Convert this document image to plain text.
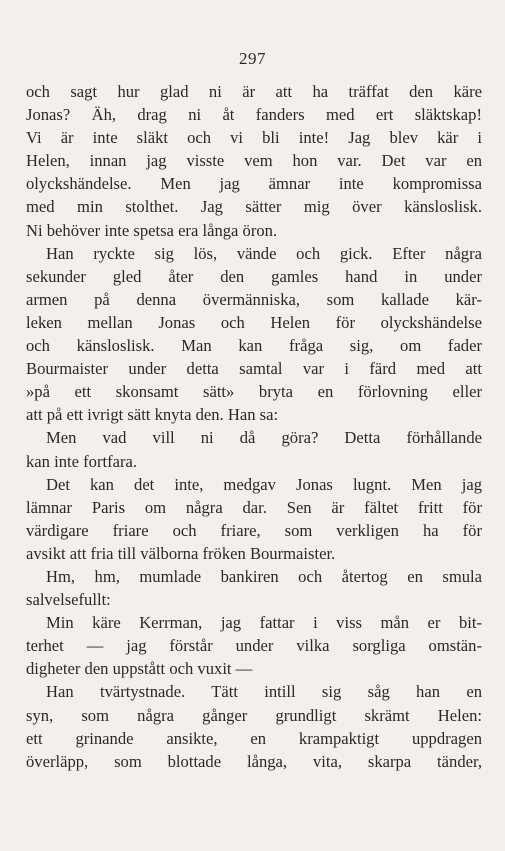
297
och sagt hur glad ni är att ha träffat den käre
Jonas? Äh, drag ni åt fanders med ert släktskap!
Vi är inte släkt och vi bli inte! Jag blev kär i
Helen, innan jag visste vem hon var. Det var en
olyckshändelse. Men jag ämnar inte kompromissa
med min stolthet. Jag sätter mig över känsloslisk.
Ni behöver inte spetsa era långa öron.
Han ryckte sig lös, vände och gick. Efter några
sekunder gled åter den gamles hand in under
armen på denna övermänniska, som kallade kär-
leken mellan Jonas och Helen för olyckshändelse
och känsloslisk. Man kan fråga sig, om fader
Bourmaister under detta samtal var i färd med att
»på ett skonsamt sätt» bryta en förlovning eller
att på ett ivrigt sätt knyta den. Han sa:
Men vad vill ni då göra? Detta förhållande
kan inte fortfara.
Det kan det inte, medgav Jonas lugnt. Men jag
lämnar Paris om några dar. Sen är fältet fritt för
värdigare friare och friare, som verkligen ha för
avsikt att fria till välborna fröken Bourmaister.
Hm, hm, mumlade bankiren och återtog en smula
salvelsefullt:
Min käre Kerrman, jag fattar i viss mån er bit-
terhet — jag förstår under vilka sorgliga omstän-
digheter den uppstått och vuxit —
Han tvärtystnade. Tätt intill sig såg han en
syn, som några gånger grundligt skrämt Helen:
ett grinande ansikte, en krampaktigt uppdragen
överläpp, som blottade långa, vita, skarpa tänder,
